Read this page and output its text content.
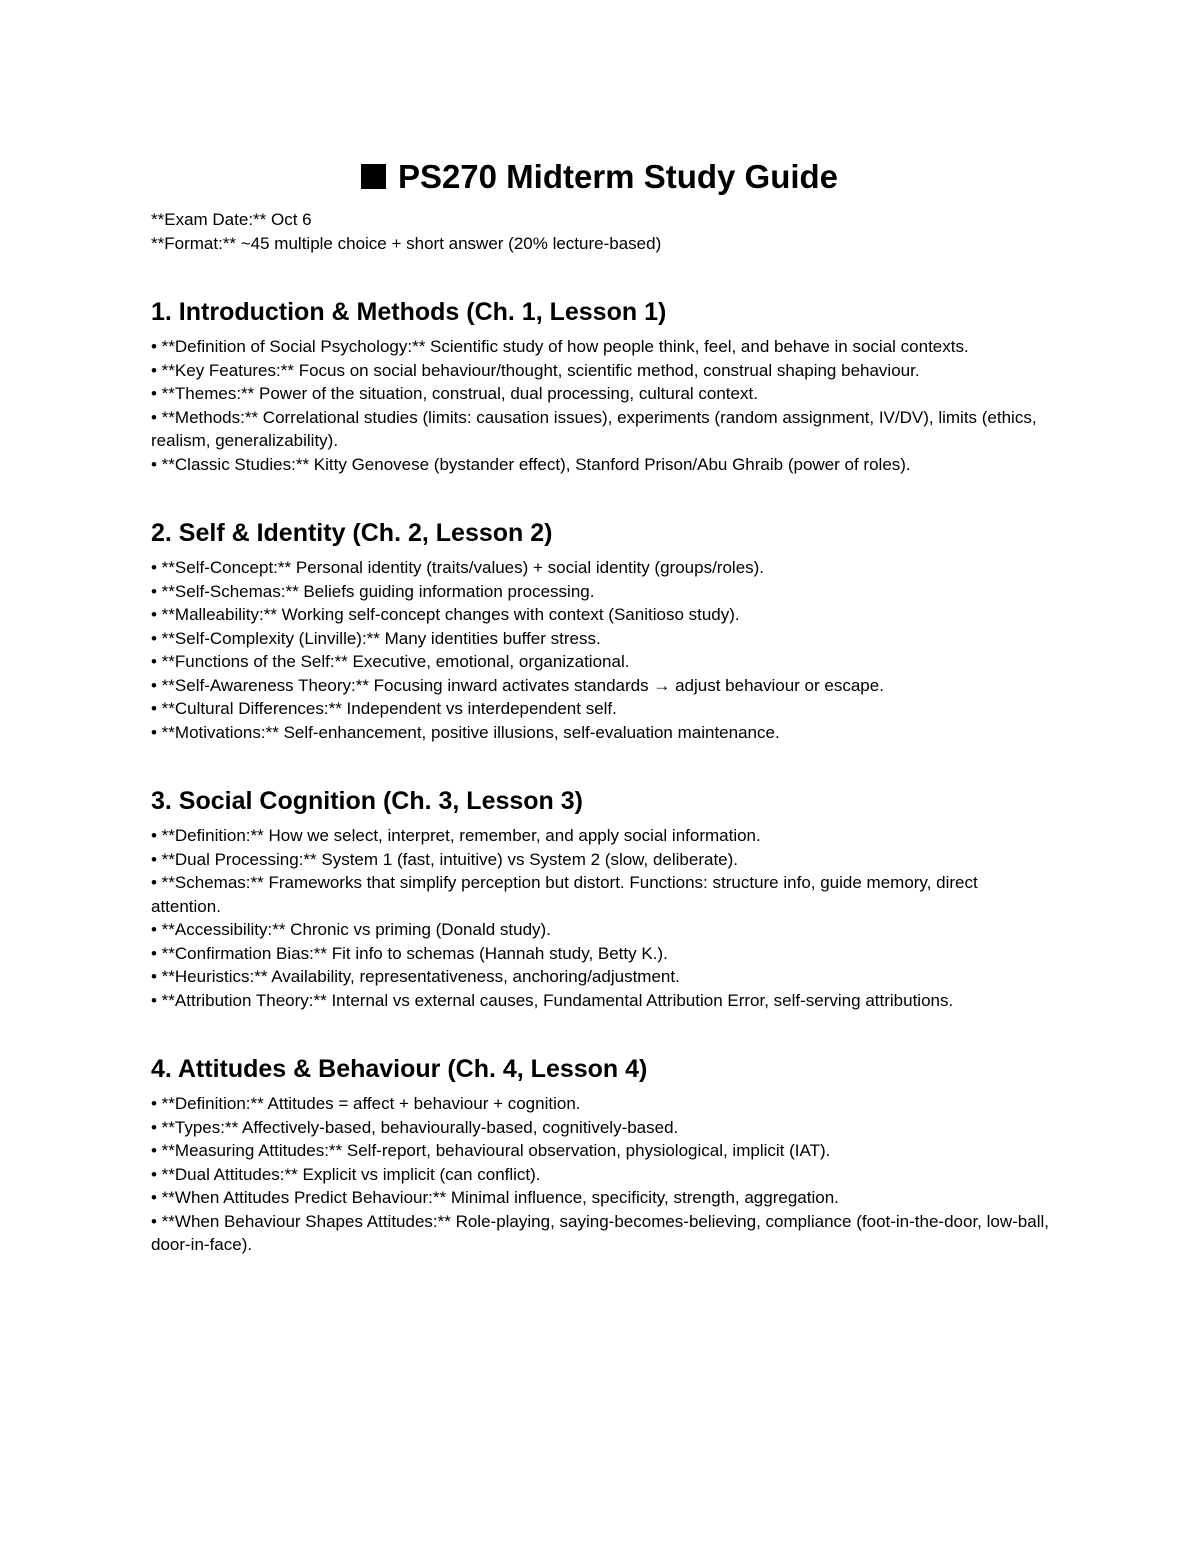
PS270 Midterm Study Guide
**Exam Date:** Oct 6
**Format:** ~45 multiple choice + short answer (20% lecture-based)
1. Introduction & Methods (Ch. 1, Lesson 1)
• **Definition of Social Psychology:** Scientific study of how people think, feel, and behave in social contexts.
• **Key Features:** Focus on social behaviour/thought, scientific method, construal shaping behaviour.
• **Themes:** Power of the situation, construal, dual processing, cultural context.
• **Methods:** Correlational studies (limits: causation issues), experiments (random assignment, IV/DV), limits (ethics, realism, generalizability).
• **Classic Studies:** Kitty Genovese (bystander effect), Stanford Prison/Abu Ghraib (power of roles).
2. Self & Identity (Ch. 2, Lesson 2)
• **Self-Concept:** Personal identity (traits/values) + social identity (groups/roles).
• **Self-Schemas:** Beliefs guiding information processing.
• **Malleability:** Working self-concept changes with context (Sanitioso study).
• **Self-Complexity (Linville):** Many identities buffer stress.
• **Functions of the Self:** Executive, emotional, organizational.
• **Self-Awareness Theory:** Focusing inward activates standards → adjust behaviour or escape.
• **Cultural Differences:** Independent vs interdependent self.
• **Motivations:** Self-enhancement, positive illusions, self-evaluation maintenance.
3. Social Cognition (Ch. 3, Lesson 3)
• **Definition:** How we select, interpret, remember, and apply social information.
• **Dual Processing:** System 1 (fast, intuitive) vs System 2 (slow, deliberate).
• **Schemas:** Frameworks that simplify perception but distort. Functions: structure info, guide memory, direct attention.
• **Accessibility:** Chronic vs priming (Donald study).
• **Confirmation Bias:** Fit info to schemas (Hannah study, Betty K.).
• **Heuristics:** Availability, representativeness, anchoring/adjustment.
• **Attribution Theory:** Internal vs external causes, Fundamental Attribution Error, self-serving attributions.
4. Attitudes & Behaviour (Ch. 4, Lesson 4)
• **Definition:** Attitudes = affect + behaviour + cognition.
• **Types:** Affectively-based, behaviourally-based, cognitively-based.
• **Measuring Attitudes:** Self-report, behavioural observation, physiological, implicit (IAT).
• **Dual Attitudes:** Explicit vs implicit (can conflict).
• **When Attitudes Predict Behaviour:** Minimal influence, specificity, strength, aggregation.
• **When Behaviour Shapes Attitudes:** Role-playing, saying-becomes-believing, compliance (foot-in-the-door, low-ball, door-in-face).
